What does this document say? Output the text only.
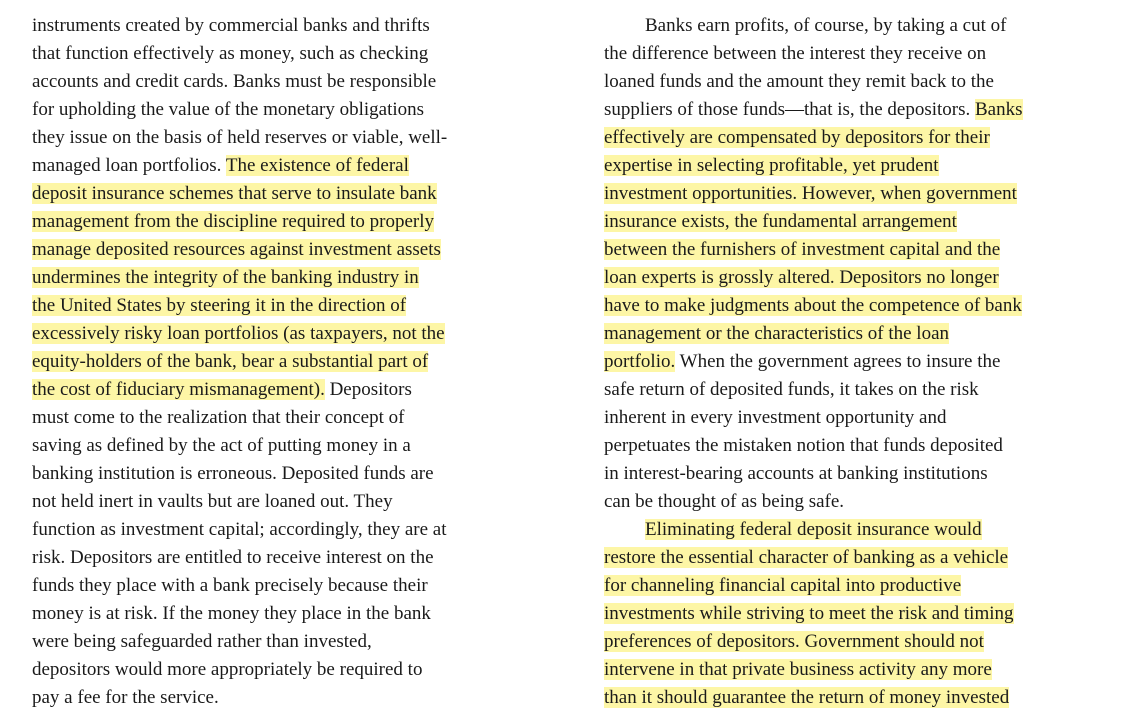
instruments created by commercial banks and thrifts
that function effectively as money, such as checking
accounts and credit cards. Banks must be responsible
for upholding the value of the monetary obligations
they issue on the basis of held reserves or viable, well-
managed loan portfolios. The existence of federal
deposit insurance schemes that serve to insulate bank
management from the discipline required to properly
manage deposited resources against investment assets
undermines the integrity of the banking industry in
the United States by steering it in the direction of
excessively risky loan portfolios (as taxpayers, not the
equity-holders of the bank, bear a substantial part of
the cost of fiduciary mismanagement). Depositors
must come to the realization that their concept of
saving as defined by the act of putting money in a
banking institution is erroneous. Deposited funds are
not held inert in vaults but are loaned out. They
function as investment capital; accordingly, they are at
risk. Depositors are entitled to receive interest on the
funds they place with a bank precisely because their
money is at risk. If the money they place in the bank
were being safeguarded rather than invested,
depositors would more appropriately be required to
pay a fee for the service.
Banks earn profits, of course, by taking a cut of
the difference between the interest they receive on
loaned funds and the amount they remit back to the
suppliers of those funds—that is, the depositors. Banks
effectively are compensated by depositors for their
expertise in selecting profitable, yet prudent
investment opportunities. However, when government
insurance exists, the fundamental arrangement
between the furnishers of investment capital and the
loan experts is grossly altered. Depositors no longer
have to make judgments about the competence of bank
management or the characteristics of the loan
portfolio. When the government agrees to insure the
safe return of deposited funds, it takes on the risk
inherent in every investment opportunity and
perpetuates the mistaken notion that funds deposited
in interest-bearing accounts at banking institutions
can be thought of as being safe.
Eliminating federal deposit insurance would
restore the essential character of banking as a vehicle
for channeling financial capital into productive
investments while striving to meet the risk and timing
preferences of depositors. Government should not
intervene in that private business activity any more
than it should guarantee the return of money invested
